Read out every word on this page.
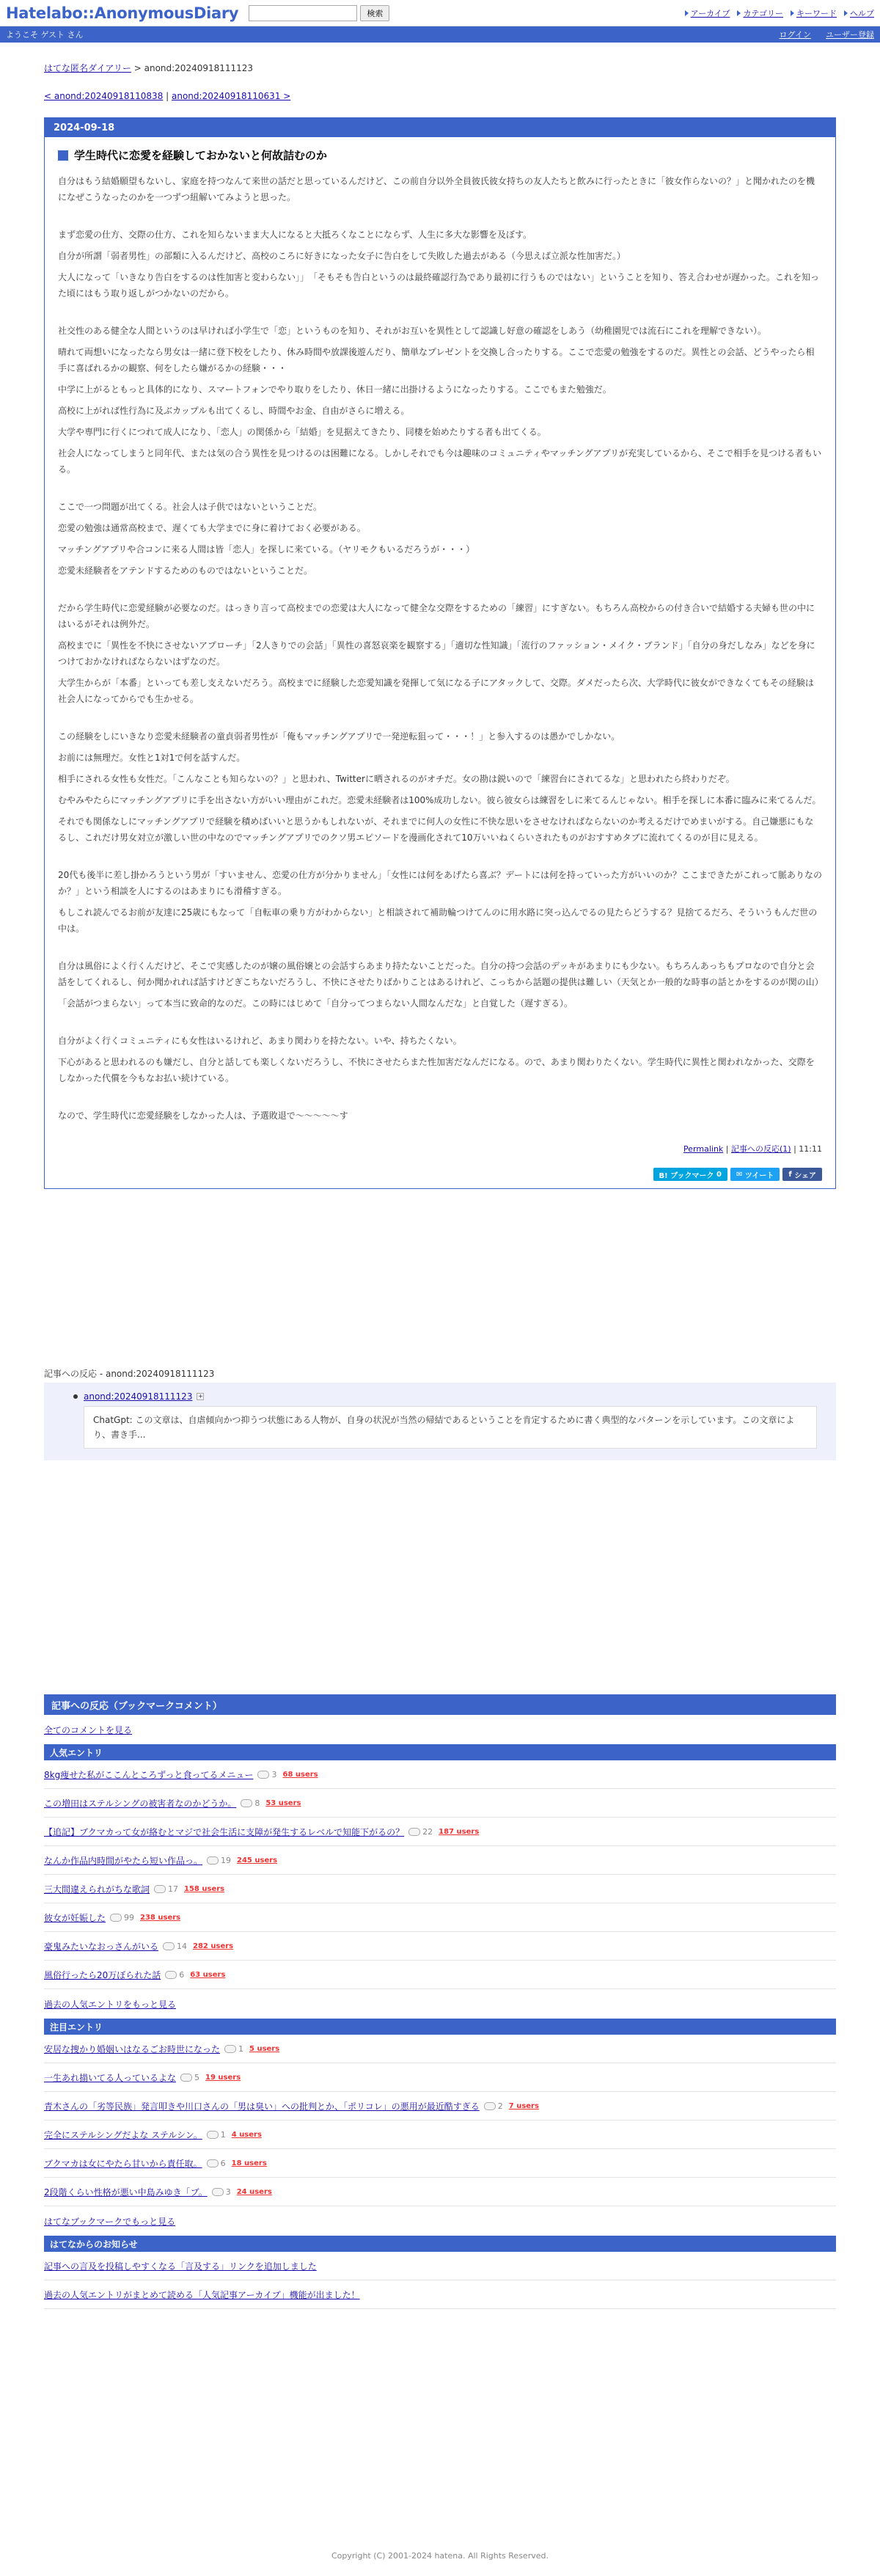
Hatelabo::AnonymousDiary	検索	アーカイブ カテゴリー キーワード ヘルプ
ようこそ ゲスト さん	ログイン ユーザー登録
はてな匿名ダイアリー > anond:20240918111123
< anond:20240918110838 | anond:20240918110631 >
2024-09-18
学生時代に恋愛を経験しておかないと何故詰むのか
自分はもう結婚願望もないし、家庭を持つなんて来世の話だと思っているんだけど、この前自分以外全員彼氏彼女持ちの友人たちと飲みに行ったときに「彼女作らないの？」と聞かれたのを機になぜこうなったのかを一つずつ紐解いてみようと思った。
まず恋愛の仕方、交際の仕方、これを知らないまま大人になると大抵ろくなことにならず、人生に多大な影響を及ぼす。
自分が所謂「弱者男性」の部類に入るんだけど、高校のころに好きになった女子に告白をして失敗した過去がある（今思えば立派な性加害だ。）
大人になって「いきなり告白をするのは性加害と変わらない」」　「そもそも告白というのは最終確認行為であり最初に行うものではない」ということを知り、答え合わせが遅かった。これを知った頃にはもう取り返しがつかないのだから。
社交性のある健全な人間というのは早ければ小学生で「恋」というものを知り、それがお互いを異性として認識し好意の確認をしあう（幼稚園児では流石にこれを理解できない）。
晴れて両想いになったなら男女は一緒に登下校をしたり、休み時間や放課後遊んだり、簡単なプレゼントを交換し合ったりする。ここで恋愛の勉強をするのだ。異性との会話、どうやったら相手に喜ばれるかの観察、何をしたら嫌がるかの経験・・・
中学に上がるともっと具体的になり、スマートフォンでやり取りをしたり、休日一緒に出掛けるようになったりする。ここでもまた勉強だ。
高校に上がれば性行為に及ぶカップルも出てくるし、時間やお金、自由がさらに増える。
大学や専門に行くにつれて成人になり、「恋人」の関係から「結婚」を見据えてきたり、同棲を始めたりする者も出てくる。
社会人になってしまうと同年代、または気の合う異性を見つけるのは困難になる。しかしそれでも今は趣味のコミュニティやマッチングアプリが充実しているから、そこで相手を見つける者もいる。
ここで一つ問題が出てくる。社会人は子供ではないということだ。
恋愛の勉強は通常高校まで、遅くても大学までに身に着けておく必要がある。
マッチングアプリや合コンに来る人間は皆「恋人」を探しに来ている。（ヤリモクもいるだろうが・・・）
恋愛未経験者をアテンドするためのものではないということだ。
だから学生時代に恋愛経験が必要なのだ。はっきり言って高校までの恋愛は大人になって健全な交際をするための「練習」にすぎない。もちろん高校からの付き合いで結婚する夫婦も世の中にはいるがそれは例外だ。
高校までに「異性を不快にさせないアプローチ」「2人きりでの会話」「異性の喜怒哀楽を観察する」「適切な性知識」「流行のファッション・メイク・ブランド」「自分の身だしなみ」などを身につけておかなければならないはずなのだ。
大学生からが「本番」といっても差し支えないだろう。高校までに経験した恋愛知識を発揮して気になる子にアタックして、交際。ダメだったら次、大学時代に彼女ができなくてもその経験は社会人になってからでも生かせる。
この経験をしにいきなり恋愛未経験者の童貞弱者男性が「俺もマッチングアプリで一発逆転狙って・・・！」と参入するのは愚かでしかない。
お前には無理だ。女性と1対1で何を話すんだ。
相手にされる女性も女性だ。「こんなことも知らないの？」と思われ、Twitterに晒されるのがオチだ。女の勘は鋭いので「練習台にされてるな」と思われたら終わりだぞ。
むやみやたらにマッチングアプリに手を出さない方がいい理由がこれだ。恋愛未経験者は100%成功しない。彼ら彼女らは練習をしに来てるんじゃない。相手を探しに本番に臨みに来てるんだ。
それでも関係なしにマッチングアプリで経験を積めばいいと思うかもしれないが、それまでに何人の女性に不快な思いをさせなければならないのか考えるだけでめまいがする。自己嫌悪にもなるし、これだけ男女対立が激しい世の中なのでマッチングアプリでのクソ男エピソードを漫画化されて10万いいねくらいされたものがおすすめタブに流れてくるのが目に見える。
20代も後半に差し掛かろうという男が「すいません、恋愛の仕方が分かりません」「女性には何をあげたら喜ぶ？デートには何を持っていった方がいいのか？ここまできたがこれって脈ありなのか？」という相談を人にするのはあまりにも滑稽すぎる。
もしこれ読んでるお前が友達に25歳にもなって「自転車の乗り方がわからない」と相談されて補助輪つけてんのに用水路に突っ込んでるの見たらどうする？見捨てるだろ、そういうもんだ世の中は。
自分は風俗によく行くんだけど、そこで実感したのが嬢の風俗嬢との会話すらあまり持たないことだった。自分の持つ会話のデッキがあまりにも少ない。もちろんあっちもプロなので自分と会話をしてくれるし、何か聞かれれば話すけどぎこちないだろうし、不快にさせたりばかりことはあるけれど、こっちから話題の提供は難しい（天気とか一般的な時事の話とかをするのが関の山）
「会話がつまらない」って本当に致命的なのだ。この時にはじめて「自分ってつまらない人間なんだな」と自覚した（遅すぎる）。
自分がよく行くコミュニティにも女性はいるけれど、あまり関わりを持たない。いや、持ちたくない。
下心があると思われるのも嫌だし、自分と話しても楽しくないだろうし、不快にさせたらまた性加害だなんだになる。ので、あまり関わりたくない。学生時代に異性と関われなかった、交際をしなかった代償を今もなお払い続けている。
なので、学生時代に恋愛経験をしなかった人は、予選敗退で〜〜〜〜〜す
Permalink | 記事への反応(1) | 11:11
B! ブックマーク
0 ✉ ツイート f シェア
記事への反応 - anond:20240918111123
anond:20240918111123 +
ChatGpt: この文章は、自虐傾向かつ抑うつ状態にある人物が、自身の状況が当然の帰結であるということを肯定するために書く典型的なパターンを示しています。この文章により、書き手...
記事への反応（ブックマークコメント）
全てのコメントを見る
人気エントリ
8kg痩せた私がここんところずっと食ってるメニュー 3 68 users
この増田はステルシングの被害者なのかどうか。 8 53 users
【追記】ブクマカって女が絡むとマジで社会生活に支障が発生するレベルで知能下がるの？ 22 187 users
なんか作品内時間がやたら短い作品っ。 19 245 users
三大間違えられがちな歌詞 17 158 users
彼女が妊娠した 99 238 users
豪鬼みたいなおっさんがいる 14 282 users
風俗行ったら20万ぼられた話 6 63 users
過去の人気エントリをもっと見る
注目エントリ
安居な捜かり婚姻いはなるごお時世になった 1 5 users
一生あれ描いてる人っているよな 5 19 users
青木さんの「劣等民族」発言叩きや川口さんの「男は臭い」への批判とか、「ポリコレ」の悪用が最近酷すぎる 2 7 users
完全にステルシングだよな ステルシン。 1 4 users
ブクマカは女にやたら甘いから責任取。 6 18 users
2段階くらい性格が悪い中島みゆき「ブ。 3 24 users
はてなブックマークでもっと見る
はてなからのお知らせ
記事への言及を投稿しやすくなる「言及する」リンクを追加しました
過去の人気エントリがまとめて読める「人気記事アーカイブ」機能が出ました！
Copyright (C) 2001-2024 hatena. All Rights Reserved.
